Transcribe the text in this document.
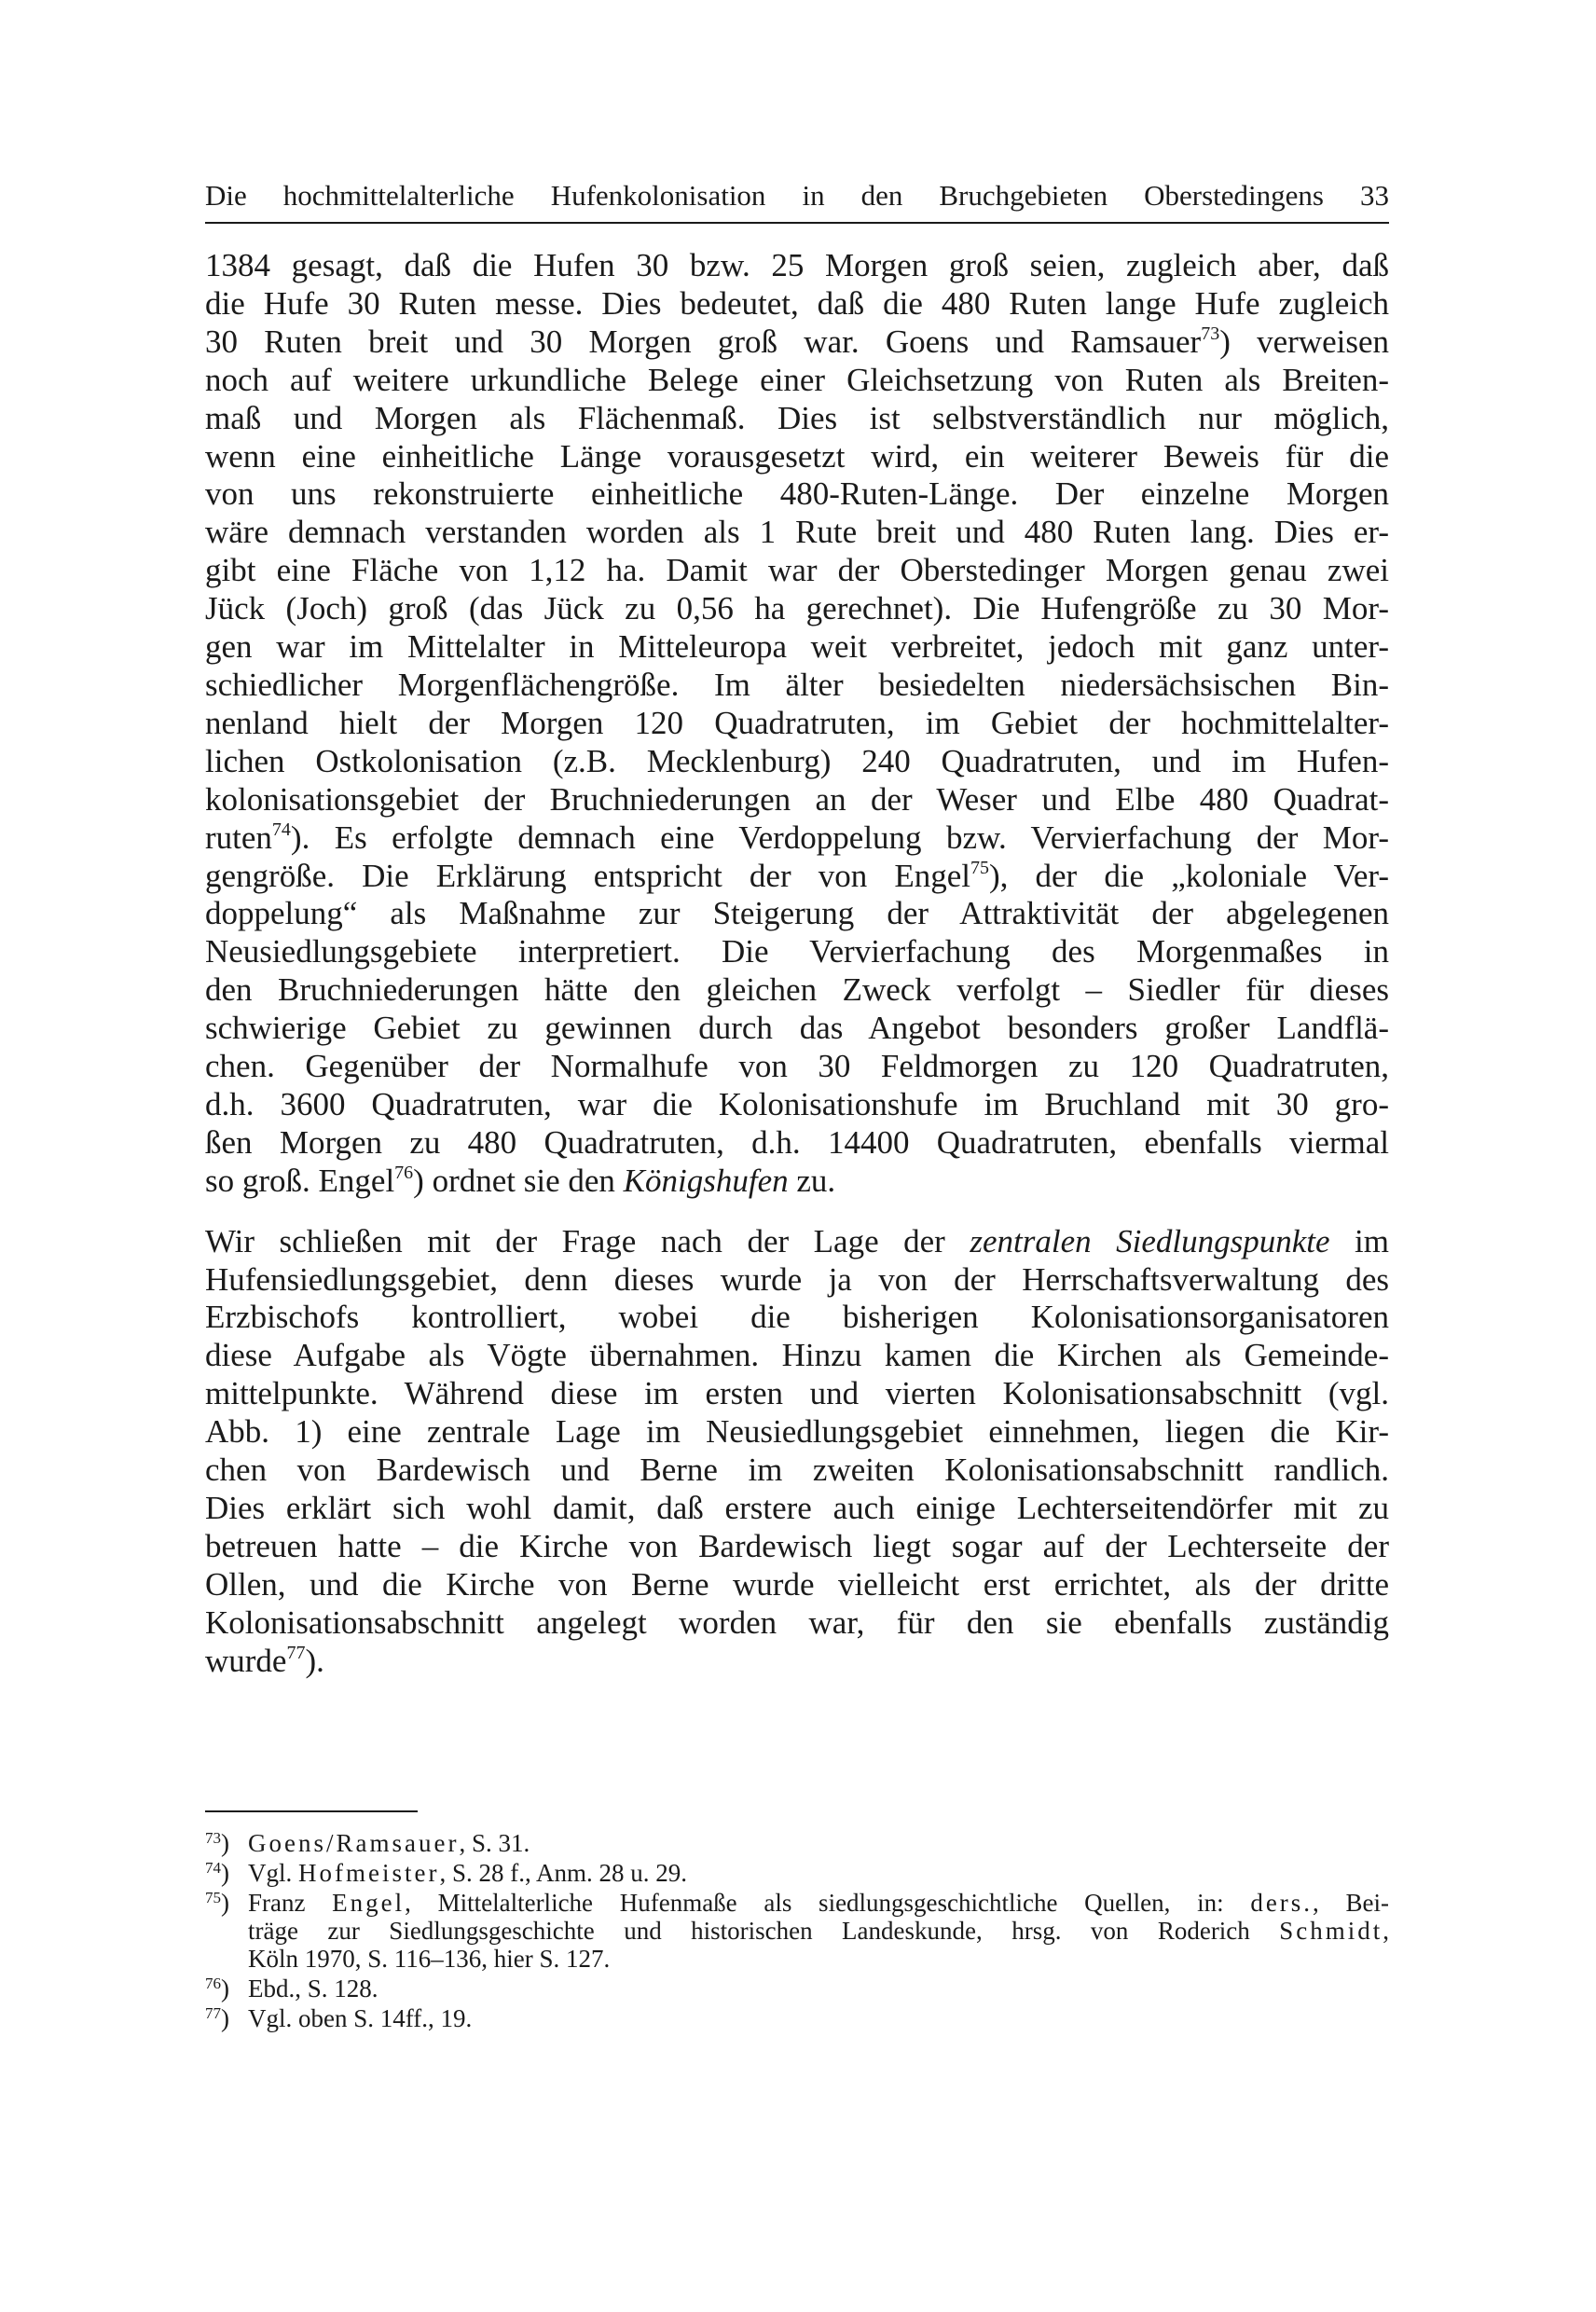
Die hochmittelalterliche Hufenkolonisation in den Bruchgebieten Oberstedingens 33

1384 gesagt, daß die Hufen 30 bzw. 25 Morgen groß seien, zugleich aber, daß
die Hufe 30 Ruten messe. Dies bedeutet, daß die 480 Ruten lange Hufe zugleich
30 Ruten breit und 30 Morgen groß war. Goens und Ramsauer$^{73}$) verweisen
noch auf weitere urkundliche Belege einer Gleichsetzung von Ruten als Breiten-
maß und Morgen als Flächenmaß. Dies ist selbstverständlich nur möglich,
wenn eine einheitliche Länge vorausgesetzt wird, ein weiterer Beweis für die
von uns rekonstruierte einheitliche 480-Ruten-Länge. Der einzelne Morgen
wäre demnach verstanden worden als 1 Rute breit und 480 Ruten lang. Dies er-
gibt eine Fläche von 1,12 ha. Damit war der Oberstedinger Morgen genau zwei
Jück (Joch) groß (das Jück zu 0,56 ha gerechnet). Die Hufengröße zu 30 Mor-
gen war im Mittelalter in Mitteleuropa weit verbreitet, jedoch mit ganz unter-
schiedlicher Morgenflächengröße. Im älter besiedelten niedersächsischen Bin-
nenland hielt der Morgen 120 Quadratruten, im Gebiet der hochmittelalter-
lichen Ostkolonisation (z.B. Mecklenburg) 240 Quadratruten, und im Hufen-
kolonisationsgebiet der Bruchniederungen an der Weser und Elbe 480 Quadrat-
ruten$^{74}$). Es erfolgte demnach eine Verdoppelung bzw. Vervierfachung der Mor-
gengröße. Die Erklärung entspricht der von Engel$^{75}$), der die „koloniale Ver-
doppelung“ als Maßnahme zur Steigerung der Attraktivität der abgelegenen
Neusiedlungsgebiete interpretiert. Die Vervierfachung des Morgenmaßes in
den Bruchniederungen hätte den gleichen Zweck verfolgt – Siedler für dieses
schwierige Gebiet zu gewinnen durch das Angebot besonders großer Landflä-
chen. Gegenüber der Normalhufe von 30 Feldmorgen zu 120 Quadratruten,
d.h. 3600 Quadratruten, war die Kolonisationshufe im Bruchland mit 30 gro-
ßen Morgen zu 480 Quadratruten, d.h. 14400 Quadratruten, ebenfalls viermal
so groß. Engel$^{76}$) ordnet sie den Königshufen zu.

Wir schließen mit der Frage nach der Lage der zentralen Siedlungspunkte im
Hufensiedlungsgebiet, denn dieses wurde ja von der Herrschaftsverwaltung des
Erzbischofs kontrolliert, wobei die bisherigen Kolonisationsorganisatoren
diese Aufgabe als Vögte übernahmen. Hinzu kamen die Kirchen als Gemeinde-
mittelpunkte. Während diese im ersten und vierten Kolonisationsabschnitt (vgl.
Abb. 1) eine zentrale Lage im Neusiedlungsgebiet einnehmen, liegen die Kir-
chen von Bardewisch und Berne im zweiten Kolonisationsabschnitt randlich.
Dies erklärt sich wohl damit, daß erstere auch einige Lechterseitendörfer mit zu
betreuen hatte – die Kirche von Bardewisch liegt sogar auf der Lechterseite der
Ollen, und die Kirche von Berne wurde vielleicht erst errichtet, als der dritte
Kolonisationsabschnitt angelegt worden war, für den sie ebenfalls zuständig
wurde$^{77}$).

$^{73}$) Goens/Ramsauer, S. 31.
$^{74}$) Vgl. Hofmeister, S. 28 f., Anm. 28 u. 29.
$^{75}$) Franz Engel, Mittelalterliche Hufenmaße als siedlungsgeschichtliche Quellen, in: ders., Bei-
träge zur Siedlungsgeschichte und historischen Landeskunde, hrsg. von Roderich Schmidt,
Köln 1970, S. 116–136, hier S. 127.
$^{76}$) Ebd., S. 128.
$^{77}$) Vgl. oben S. 14ff., 19.
